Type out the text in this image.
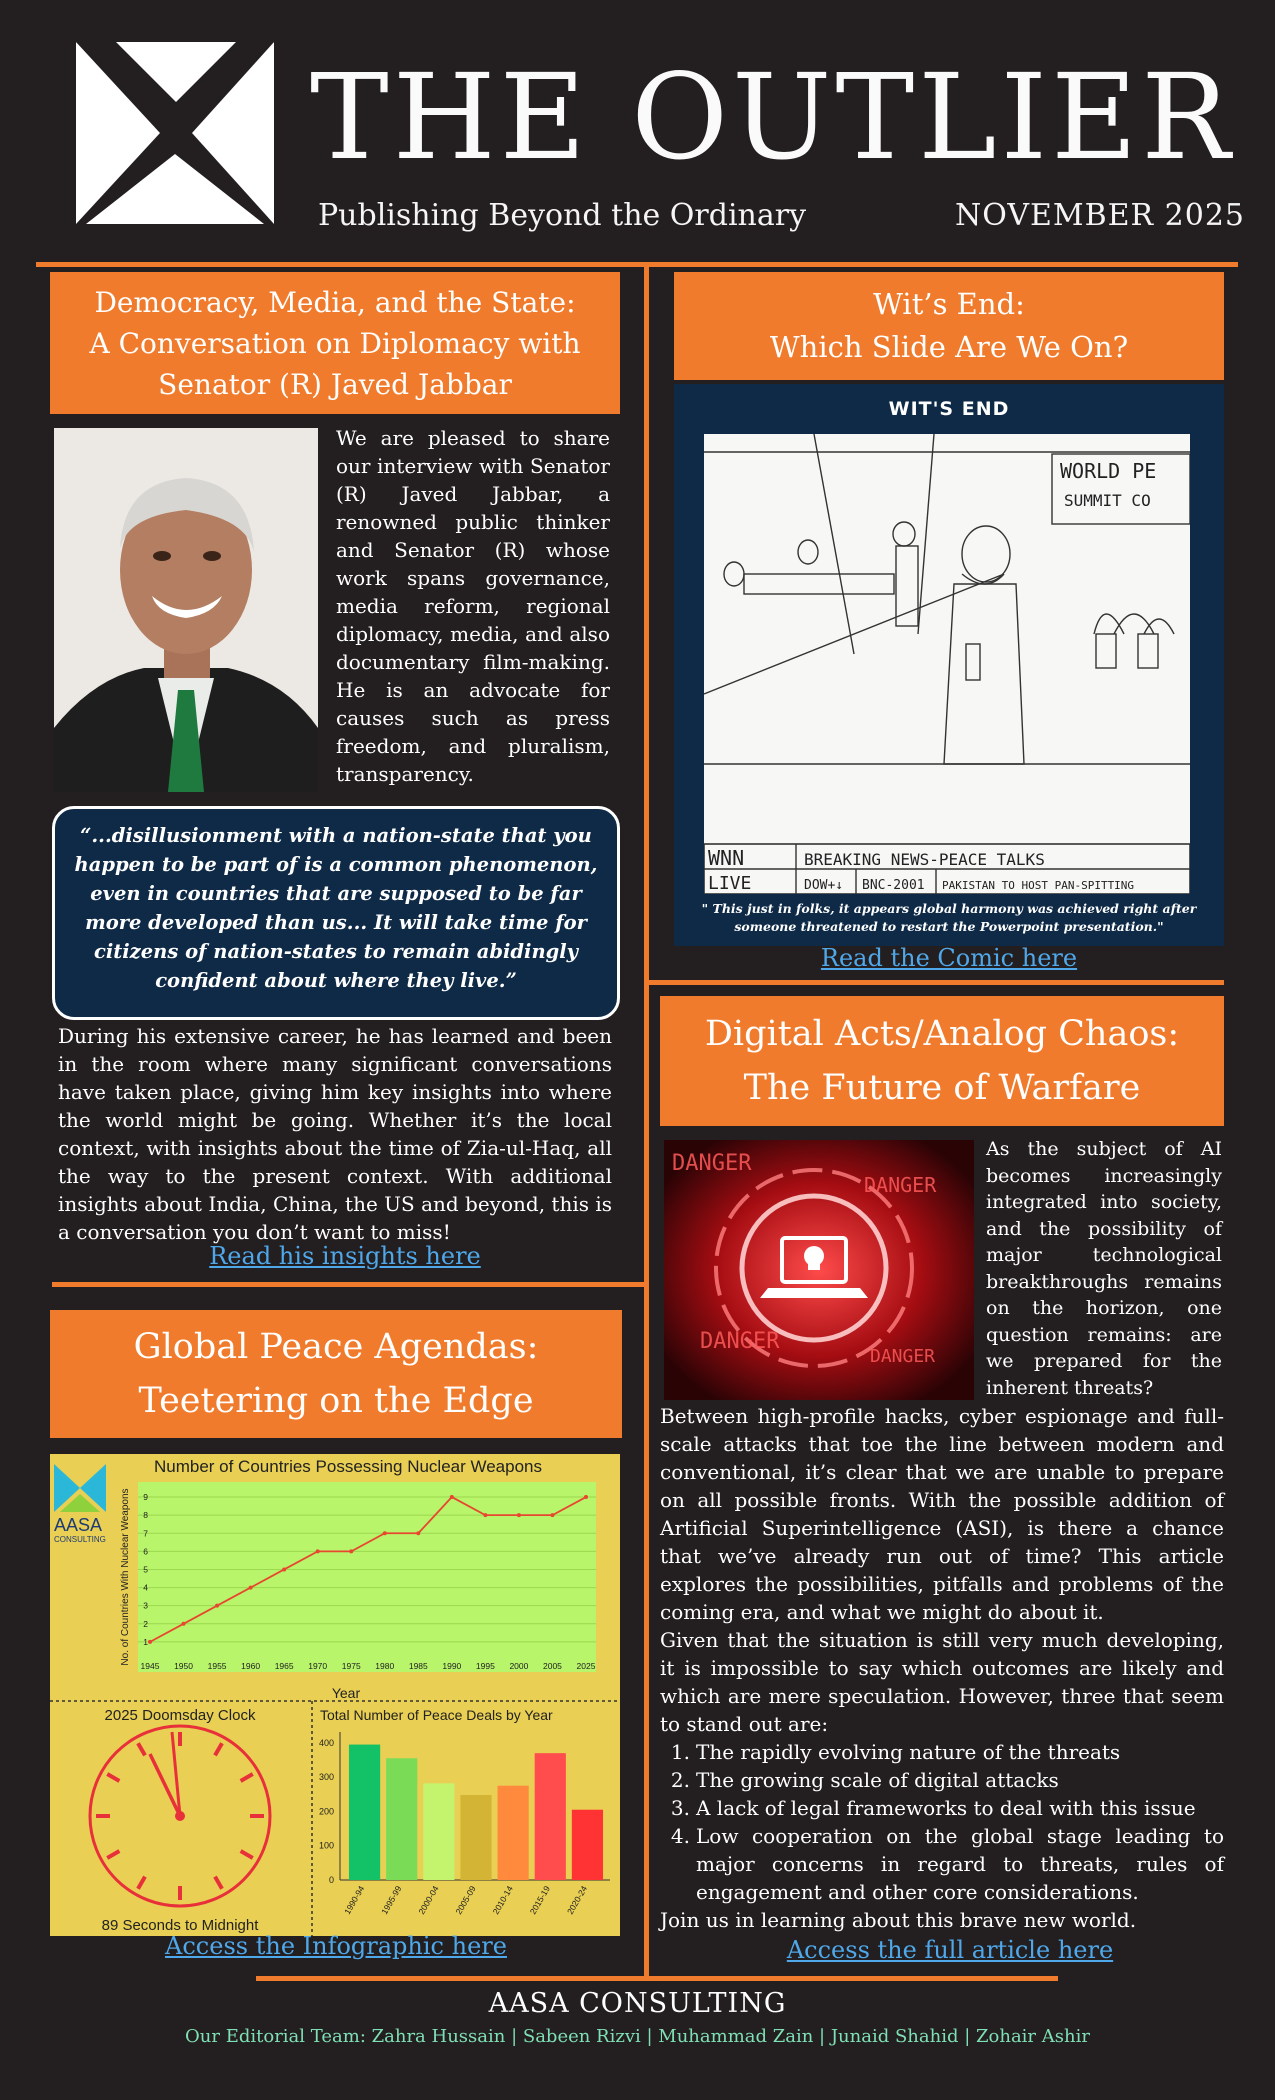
THE OUTLIER
Publishing Beyond the Ordinary	NOVEMBER 2025
Democracy, Media, and the State:
A Conversation on Diplomacy with
Senator (R) Javed Jabbar
We are pleased to share our interview with Senator (R) Javed Jabbar, a renowned public thinker and Senator (R) whose work spans governance, media reform, regional diplomacy, media, and also documentary film-making. He is an advocate for causes such as press freedom, and pluralism, transparency.
“...disillusionment with a nation-state that you happen to be part of is a common phenomenon, even in countries that are supposed to be far more developed than us... It will take time for citizens of nation-states to remain abidingly confident about where they live.”
During his extensive career, he has learned and been in the room where many significant conversations have taken place, giving him key insights into where the world might be going. Whether it’s the local context, with insights about the time of Zia-ul-Haq, all the way to the present context. With additional insights about India, China, the US and beyond, this is a conversation you don’t want to miss!
Read his insights here
Global Peace Agendas:
Teetering on the Edge
AASA
CONSULTING
Number of Countries Possessing Nuclear Weapons
1
2
3
4
5
6
7
8
9
1945 1950 1955 1960 1965 1970 1975 1980 1985 1990 1995 2000 2005 2025
No. of Countries With Nuclear Weapons
Year
2025 Doomsday Clock
89 Seconds to Midnight
Total Number of Peace Deals by Year
0
100
200
300
400
1990-94 1995-99 2000-04 2005-09 2010-14 2015-19 2020-24
Access the Infographic here
Wit’s End:
Which Slide Are We On?
WIT'S END
WORLD PE
SUMMIT CO
WNN	BREAKING NEWS-PEACE TALKS
LIVE	DOW+↓ BNC-2001 PAKISTAN TO HOST PAN-SPITTING
" This just in folks, it appears global harmony was achieved right after someone threatened to restart the Powerpoint presentation."
Read the Comic here
Digital Acts/Analog Chaos:
The Future of Warfare
DANGER
DANGER
DANGER
DANGER
As the subject of AI becomes increasingly integrated into society, and the possibility of major technological breakthroughs remains on the horizon, one question remains: are we prepared for the inherent threats?
Between high-profile hacks, cyber espionage and full-scale attacks that toe the line between modern and conventional, it’s clear that we are unable to prepare on all possible fronts. With the possible addition of Artificial Superintelligence (ASI), is there a chance that we’ve already run out of time? This article explores the possibilities, pitfalls and problems of the coming era, and what we might do about it.
Given that the situation is still very much developing, it is impossible to say which outcomes are likely and which are mere speculation. However, three that seem to stand out are:
1. The rapidly evolving nature of the threats
2. The growing scale of digital attacks
3. A lack of legal frameworks to deal with this issue
4. Low cooperation on the global stage leading to major concerns in regard to threats, rules of engagement and other core considerations.
Join us in learning about this brave new world.
Access the full article here
AASA CONSULTING
Our Editorial Team: Zahra Hussain | Sabeen Rizvi | Muhammad Zain | Junaid Shahid | Zohair Ashir
